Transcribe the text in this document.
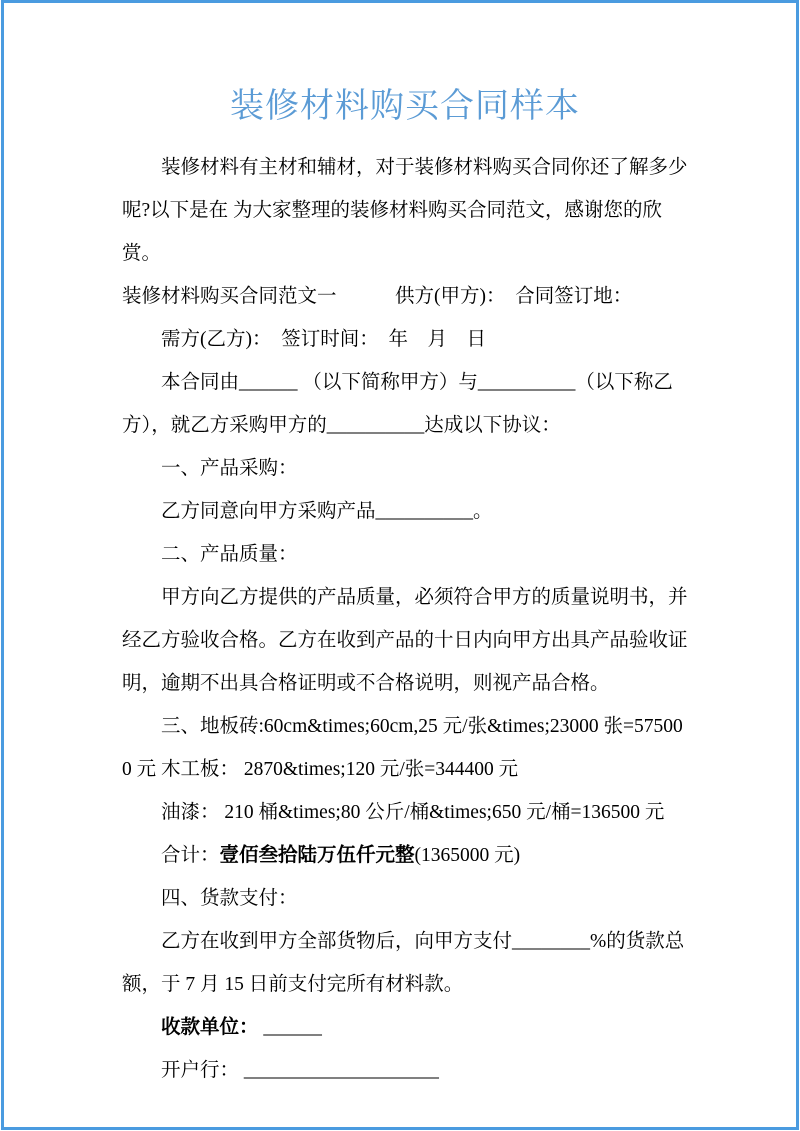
装修材料购买合同样本

装修材料有主材和辅材，对于装修材料购买合同你还了解多少呢?以下是在 为大家整理的装修材料购买合同范文，感谢您的欣赏。

装修材料购买合同范文一　　　供方(甲方)：　合同签订地：

需方(乙方)：　签订时间：　年　月　日

本合同由______ （以下简称甲方）与__________（以下称乙方），就乙方采购甲方的__________达成以下协议：

一、产品采购：

乙方同意向甲方采购产品__________。

二、产品质量：

甲方向乙方提供的产品质量，必须符合甲方的质量说明书，并经乙方验收合格。乙方在收到产品的十日内向甲方出具产品验收证明，逾期不出具合格证明或不合格说明，则视产品合格。

三、地板砖:60cm&times;60cm,25 元/张&times;23000 张=575000 元 木工板： 2870&times;120 元/张=344400 元

油漆： 210 桶&times;80 公斤/桶&times;650 元/桶=136500 元

合计：壹佰叁拾陆万伍仟元整(1365000 元)

四、货款支付：

乙方在收到甲方全部货物后，向甲方支付________%的货款总额，于 7 月 15 日前支付完所有材料款。

收款单位： ______

开户行： ____________________
